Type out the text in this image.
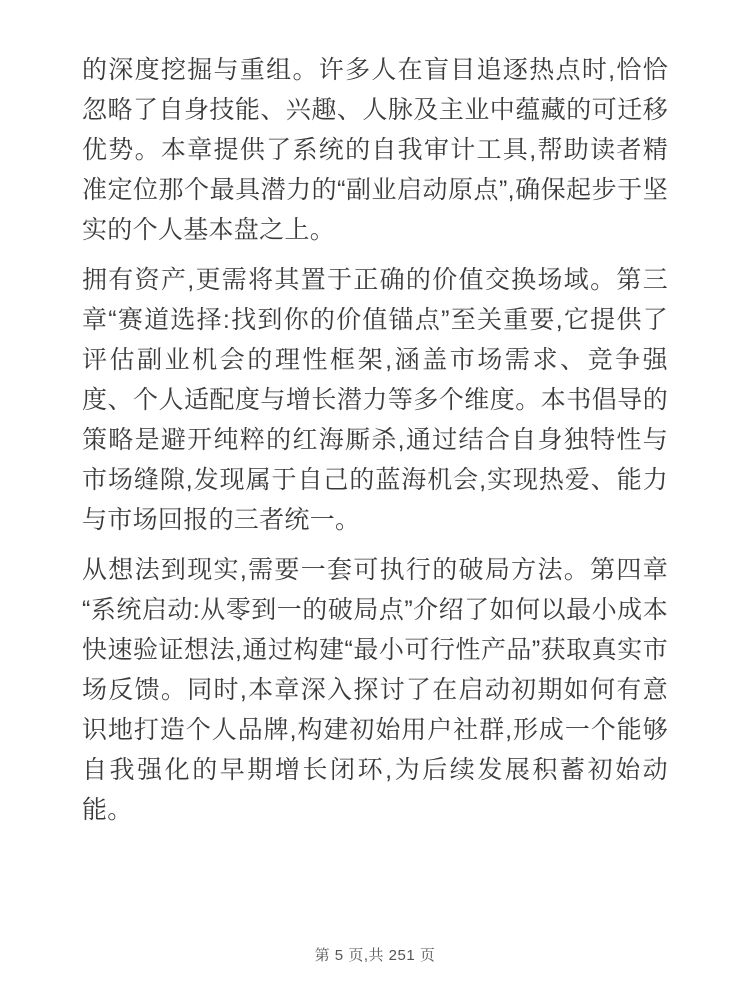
的深度挖掘与重组。许多人在盲目追逐热点时,恰恰忽略了自身技能、兴趣、人脉及主业中蕴藏的可迁移优势。本章提供了系统的自我审计工具,帮助读者精准定位那个最具潜力的“副业启动原点”,确保起步于坚实的个人基本盘之上。

拥有资产,更需将其置于正确的价值交换场域。第三章“赛道选择:找到你的价值锚点”至关重要,它提供了评估副业机会的理性框架,涵盖市场需求、竞争强度、个人适配度与增长潜力等多个维度。本书倡导的策略是避开纯粹的红海厮杀,通过结合自身独特性与市场缝隙,发现属于自己的蓝海机会,实现热爱、能力与市场回报的三者统一。

从想法到现实,需要一套可执行的破局方法。第四章“系统启动:从零到一的破局点”介绍了如何以最小成本快速验证想法,通过构建“最小可行性产品”获取真实市场反馈。同时,本章深入探讨了在启动初期如何有意识地打造个人品牌,构建初始用户社群,形成一个能够自我强化的早期增长闭环,为后续发展积蓄初始动能。

第 5 页,共 251 页
